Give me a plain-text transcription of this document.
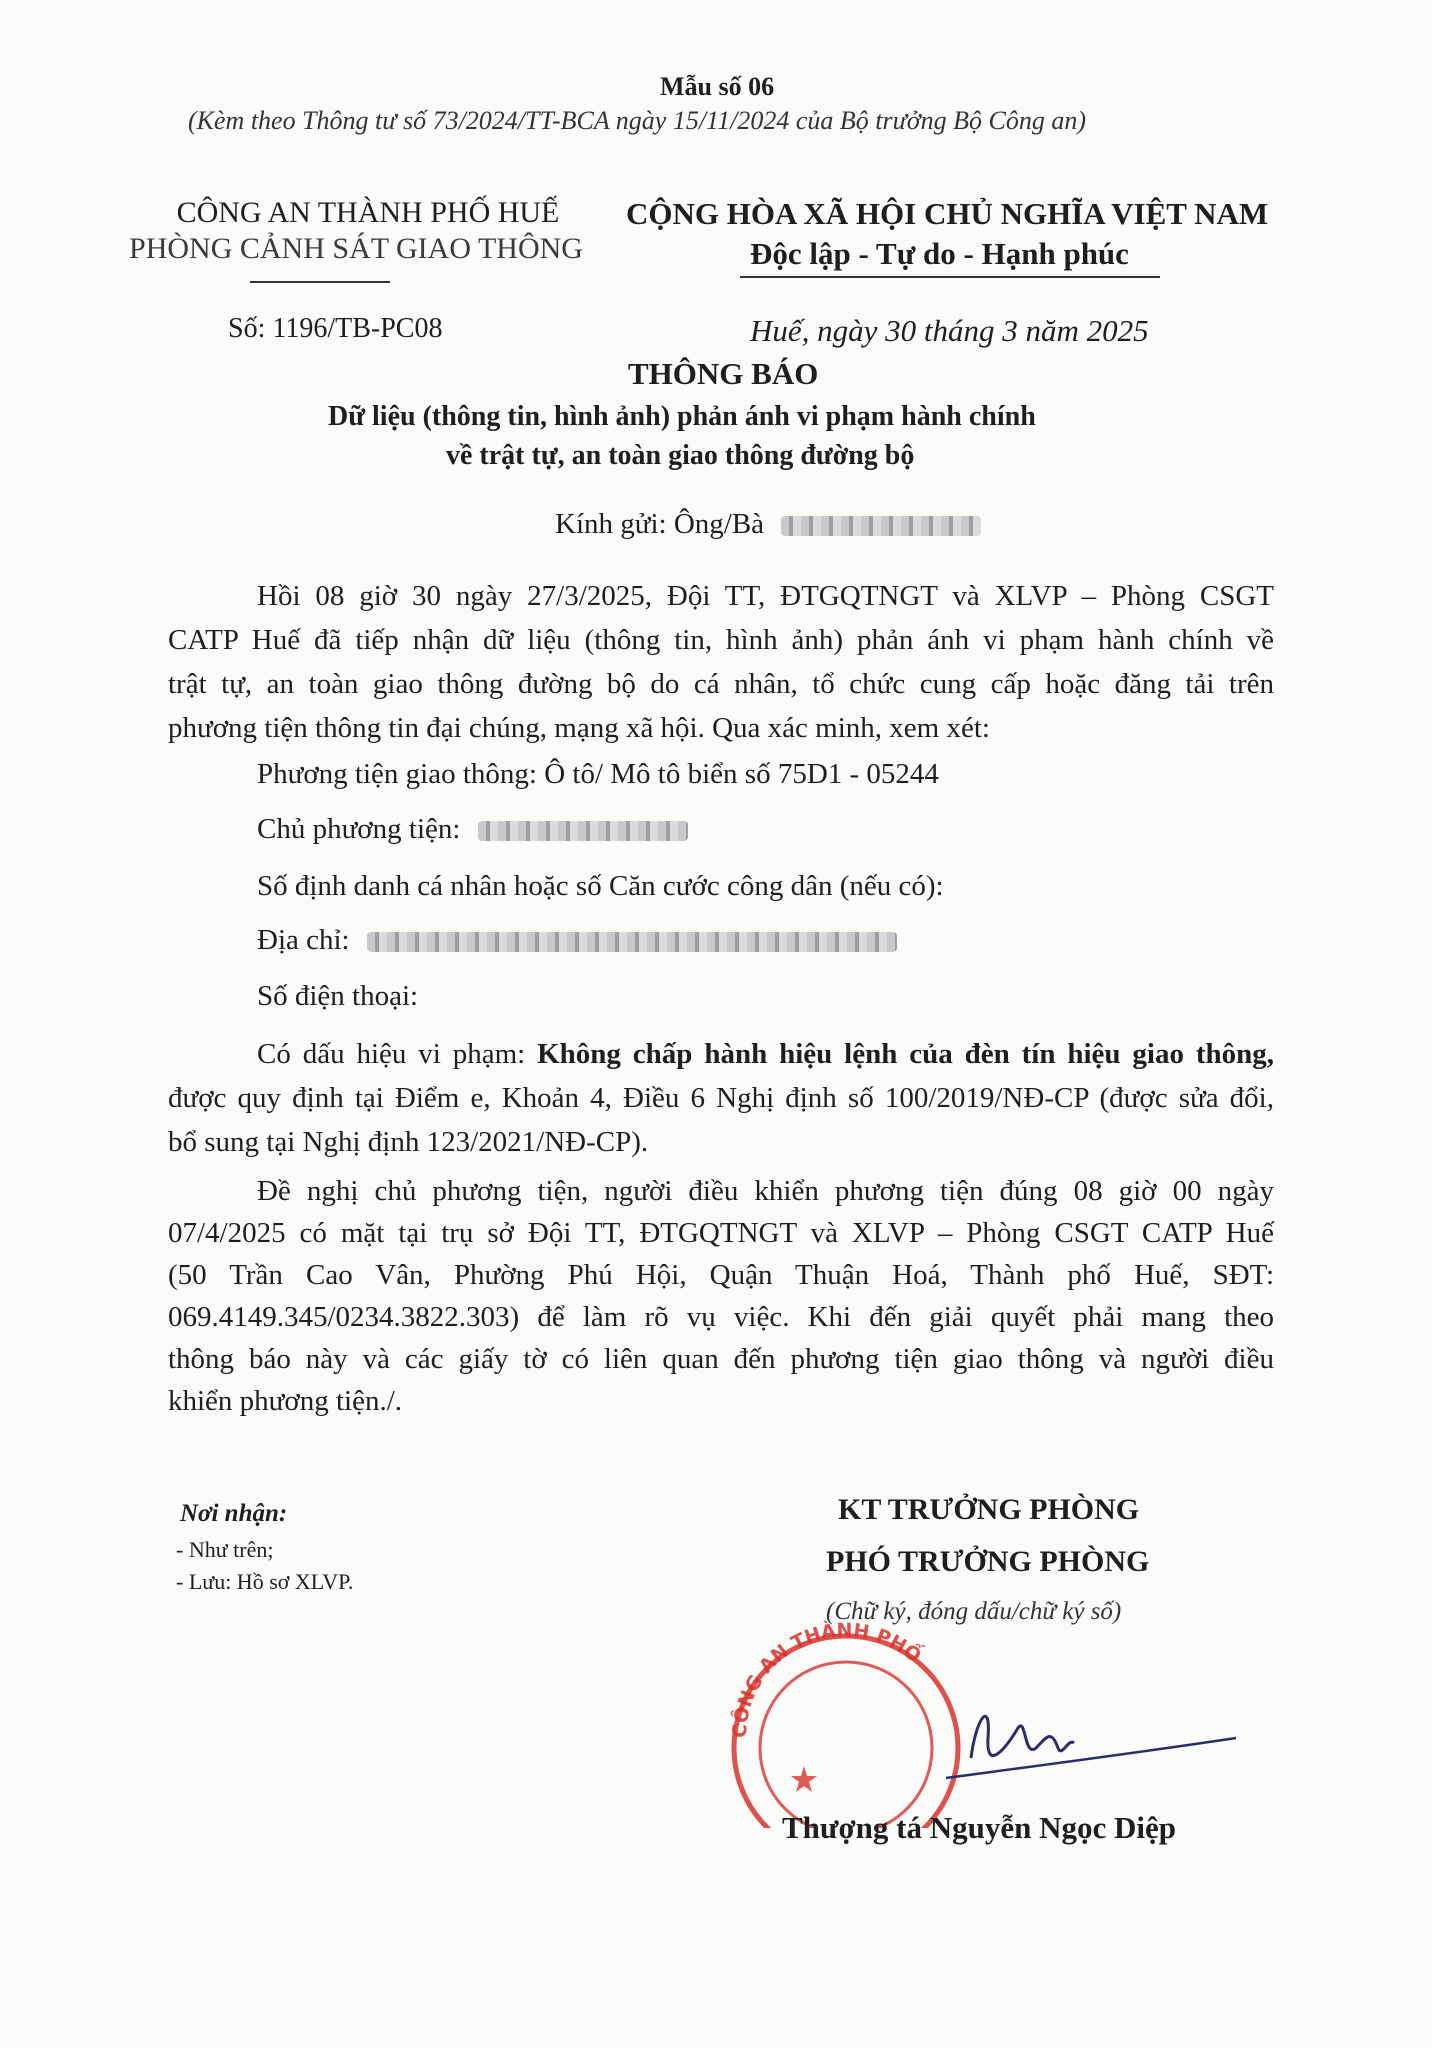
Mẫu số 06
(Kèm theo Thông tư số 73/2024/TT-BCA ngày 15/11/2024 của Bộ trưởng Bộ Công an)
CÔNG AN THÀNH PHỐ HUẾ
PHÒNG CẢNH SÁT GIAO THÔNG
CỘNG HÒA XÃ HỘI CHỦ NGHĨA VIỆT NAM
Độc lập - Tự do - Hạnh phúc
Số: 1196/TB-PC08	Huế, ngày 30 tháng 3 năm 2025
THÔNG BÁO
Dữ liệu (thông tin, hình ảnh) phản ánh vi phạm hành chính
về trật tự, an toàn giao thông đường bộ
Kính gửi: Ông/Bà
Hồi 08 giờ 30 ngày 27/3/2025, Đội TT, ĐTGQTNGT và XLVP – Phòng CSGT
CATP Huế đã tiếp nhận dữ liệu (thông tin, hình ảnh) phản ánh vi phạm hành chính về
trật tự, an toàn giao thông đường bộ do cá nhân, tổ chức cung cấp hoặc đăng tải trên
phương tiện thông tin đại chúng, mạng xã hội. Qua xác minh, xem xét:
Phương tiện giao thông: Ô tô/ Mô tô biển số 75D1 - 05244
Chủ phương tiện:
Số định danh cá nhân hoặc số Căn cước công dân (nếu có):
Địa chỉ:
Số điện thoại:
Có dấu hiệu vi phạm: Không chấp hành hiệu lệnh của đèn tín hiệu giao thông,
được quy định tại Điểm e, Khoản 4, Điều 6 Nghị định số 100/2019/NĐ-CP (được sửa đổi,
bổ sung tại Nghị định 123/2021/NĐ-CP).
Đề nghị chủ phương tiện, người điều khiển phương tiện đúng 08 giờ 00 ngày
07/4/2025 có mặt tại trụ sở Đội TT, ĐTGQTNGT và XLVP – Phòng CSGT CATP Huế
(50 Trần Cao Vân, Phường Phú Hội, Quận Thuận Hoá, Thành phố Huế, SĐT:
069.4149.345/0234.3822.303) để làm rõ vụ việc. Khi đến giải quyết phải mang theo
thông báo này và các giấy tờ có liên quan đến phương tiện giao thông và người điều
khiển phương tiện./.
Nơi nhận:
- Như trên;
- Lưu: Hồ sơ XLVP.
CÔNG AN THÀNH PHỐ
KT TRƯỞNG PHÒNG
PHÓ TRƯỞNG PHÒNG
(Chữ ký, đóng dấu/chữ ký số)
Thượng tá Nguyễn Ngọc Diệp
